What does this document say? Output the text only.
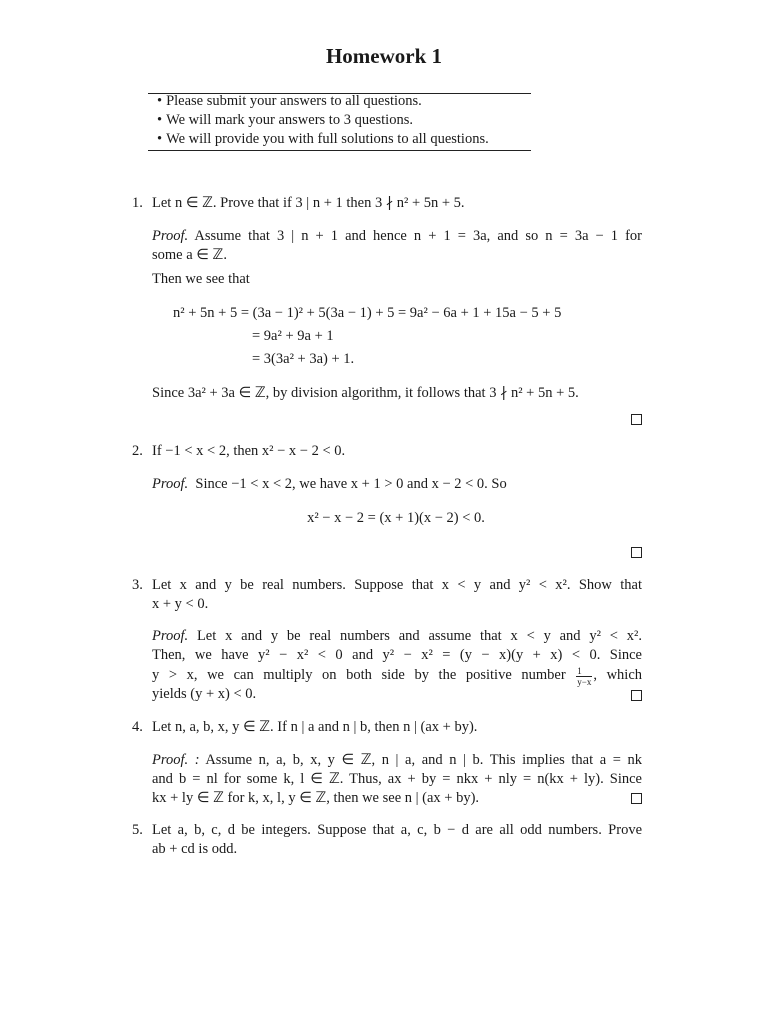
Homework 1
• Please submit your answers to all questions.
• We will mark your answers to 3 questions.
• We will provide you with full solutions to all questions.
1. Let n ∈ ℤ. Prove that if 3 | n + 1 then 3 ∤ n² + 5n + 5.
Proof. Assume that 3 | n + 1 and hence n + 1 = 3a, and so n = 3a − 1 for
some a ∈ ℤ.
Then we see that
n² + 5n + 5 = (3a − 1)² + 5(3a − 1) + 5 = 9a² − 6a + 1 + 15a − 5 + 5
= 9a² + 9a + 1
= 3(3a² + 3a) + 1.
Since 3a² + 3a ∈ ℤ, by division algorithm, it follows that 3 ∤ n² + 5n + 5.
2. If −1 < x < 2, then x² − x − 2 < 0.
Proof. Since −1 < x < 2, we have x + 1 > 0 and x − 2 < 0. So
x² − x − 2 = (x + 1)(x − 2) < 0.
3. Let x and y be real numbers. Suppose that x < y and y² < x². Show that
x + y < 0.
Proof. Let x and y be real numbers and assume that x < y and y² < x².
Then, we have y² − x² < 0 and y² − x² = (y − x)(y + x) < 0. Since
y > x, we can multiply on both side by the positive number $\frac{1}{y-x}$ , which
yields (y + x) < 0.
4. Let n, a, b, x, y ∈ ℤ. If n | a and n | b, then n | (ax + by).
Proof. : Assume n, a, b, x, y ∈ ℤ, n | a, and n | b. This implies that a = nk
and b = nl for some k, l ∈ ℤ. Thus, ax + by = nkx + nly = n(kx + ly). Since
kx + ly ∈ ℤ for k, x, l, y ∈ ℤ, then we see n | (ax + by).
5. Let a, b, c, d be integers. Suppose that a, c, b − d are all odd numbers. Prove
ab + cd is odd.
